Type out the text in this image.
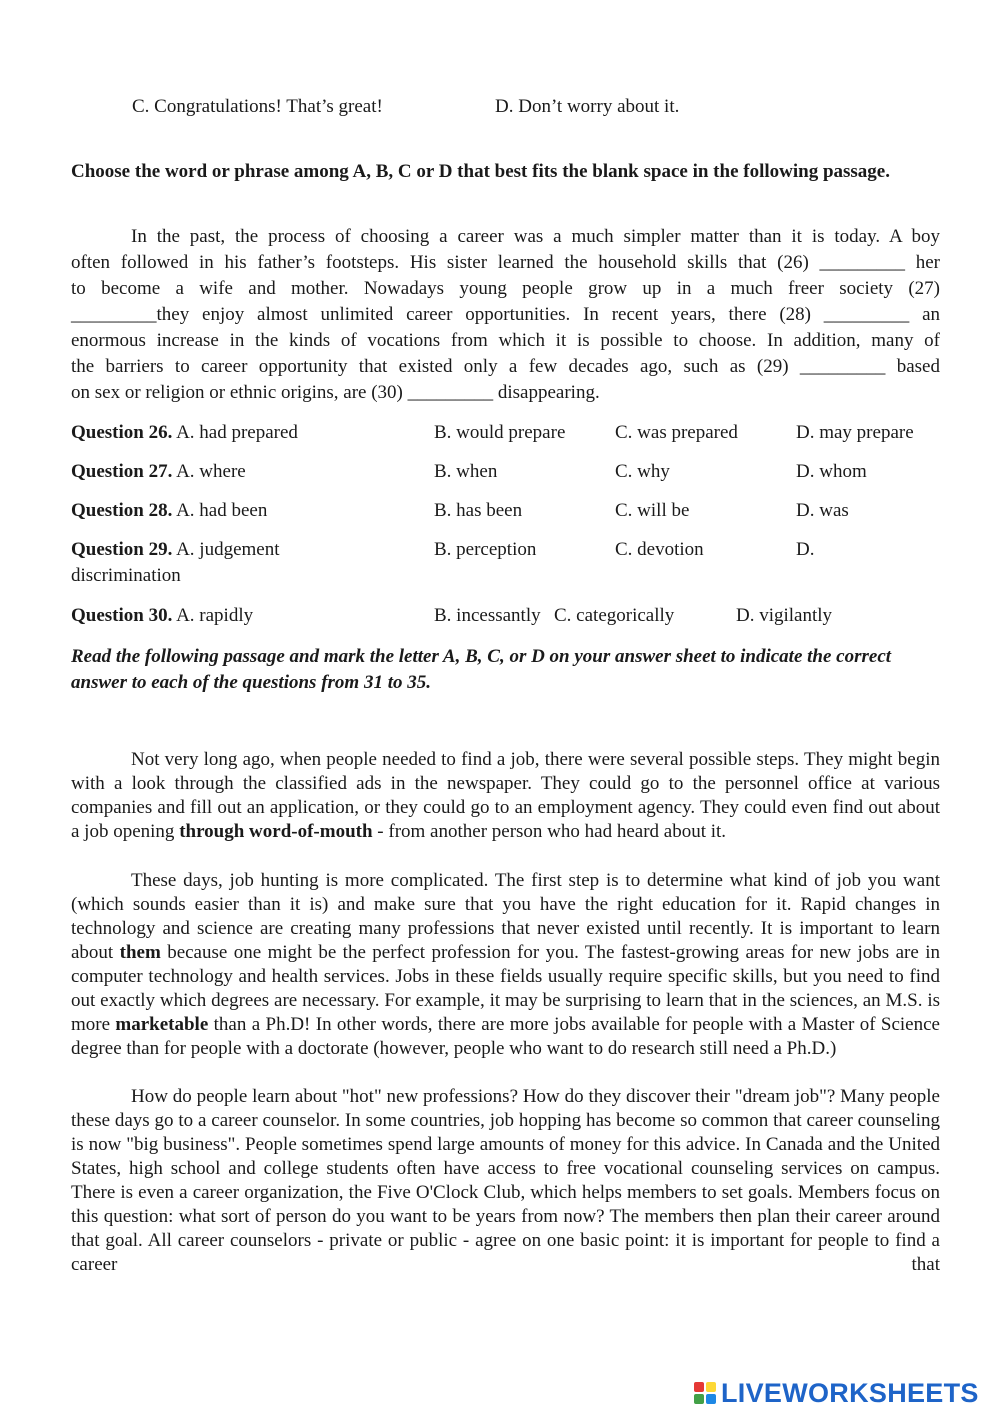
C. Congratulations! That’s great!	D. Don’t worry about it.

Choose the word or phrase among A, B, C or D that best fits the blank space in the following passage.

In the past, the process of choosing a career was a much simpler matter than it is today. A boy
often followed in his father’s footsteps. His sister learned the household skills that (26) _________ her
to become a wife and mother. Nowadays young people grow up in a much freer society (27)
_________they enjoy almost unlimited career opportunities. In recent years, there (28) _________ an
enormous increase in the kinds of vocations from which it is possible to choose. In addition, many of
the barriers to career opportunity that existed only a few decades ago, such as (29) _________ based
on sex or religion or ethnic origins, are (30) _________ disappearing.
Question 26. A. had prepared	B. would prepare	C. was prepared	D. may prepare
Question 27. A. where	B. when	C. why	D. whom
Question 28. A. had been	B. has been	C. will be	D. was
Question 29. A. judgement	B. perception	C. devotion	D.
discrimination
Question 30. A. rapidly	B. incessantly C. categorically	D. vigilantly

Read the following passage and mark the letter A, B, C, or D on your answer sheet to indicate the correct answer to each of the questions from 31 to 35.

Not very long ago, when people needed to find a job, there were several possible steps. They might begin with a look through the classified ads in the newspaper. They could go to the personnel office at various companies and fill out an application, or they could go to an employment agency. They could even find out about a job opening through word-of-mouth - from another person who had heard about it.

These days, job hunting is more complicated. The first step is to determine what kind of job you want (which sounds easier than it is) and make sure that you have the right education for it. Rapid changes in technology and science are creating many professions that never existed until recently. It is important to learn about them because one might be the perfect profession for you. The fastest-growing areas for new jobs are in computer technology and health services. Jobs in these fields usually require specific skills, but you need to find out exactly which degrees are necessary. For example, it may be surprising to learn that in the sciences, an M.S. is more marketable than a Ph.D! In other words, there are more jobs available for people with a Master of Science degree than for people with a doctorate (however, people who want to do research still need a Ph.D.)

How do people learn about "hot" new professions? How do they discover their "dream job"? Many people these days go to a career counselor. In some countries, job hopping has become so common that career counseling is now "big business". People sometimes spend large amounts of money for this advice. In Canada and the United States, high school and college students often have access to free vocational counseling services on campus. There is even a career organization, the Five O'Clock Club, which helps members to set goals. Members focus on this question: what sort of person do you want to be years from now? The members then plan their career around that goal. All career counselors - private or public - agree on one basic point: it is important for people to find a career that

LIVEWORKSHEETS
